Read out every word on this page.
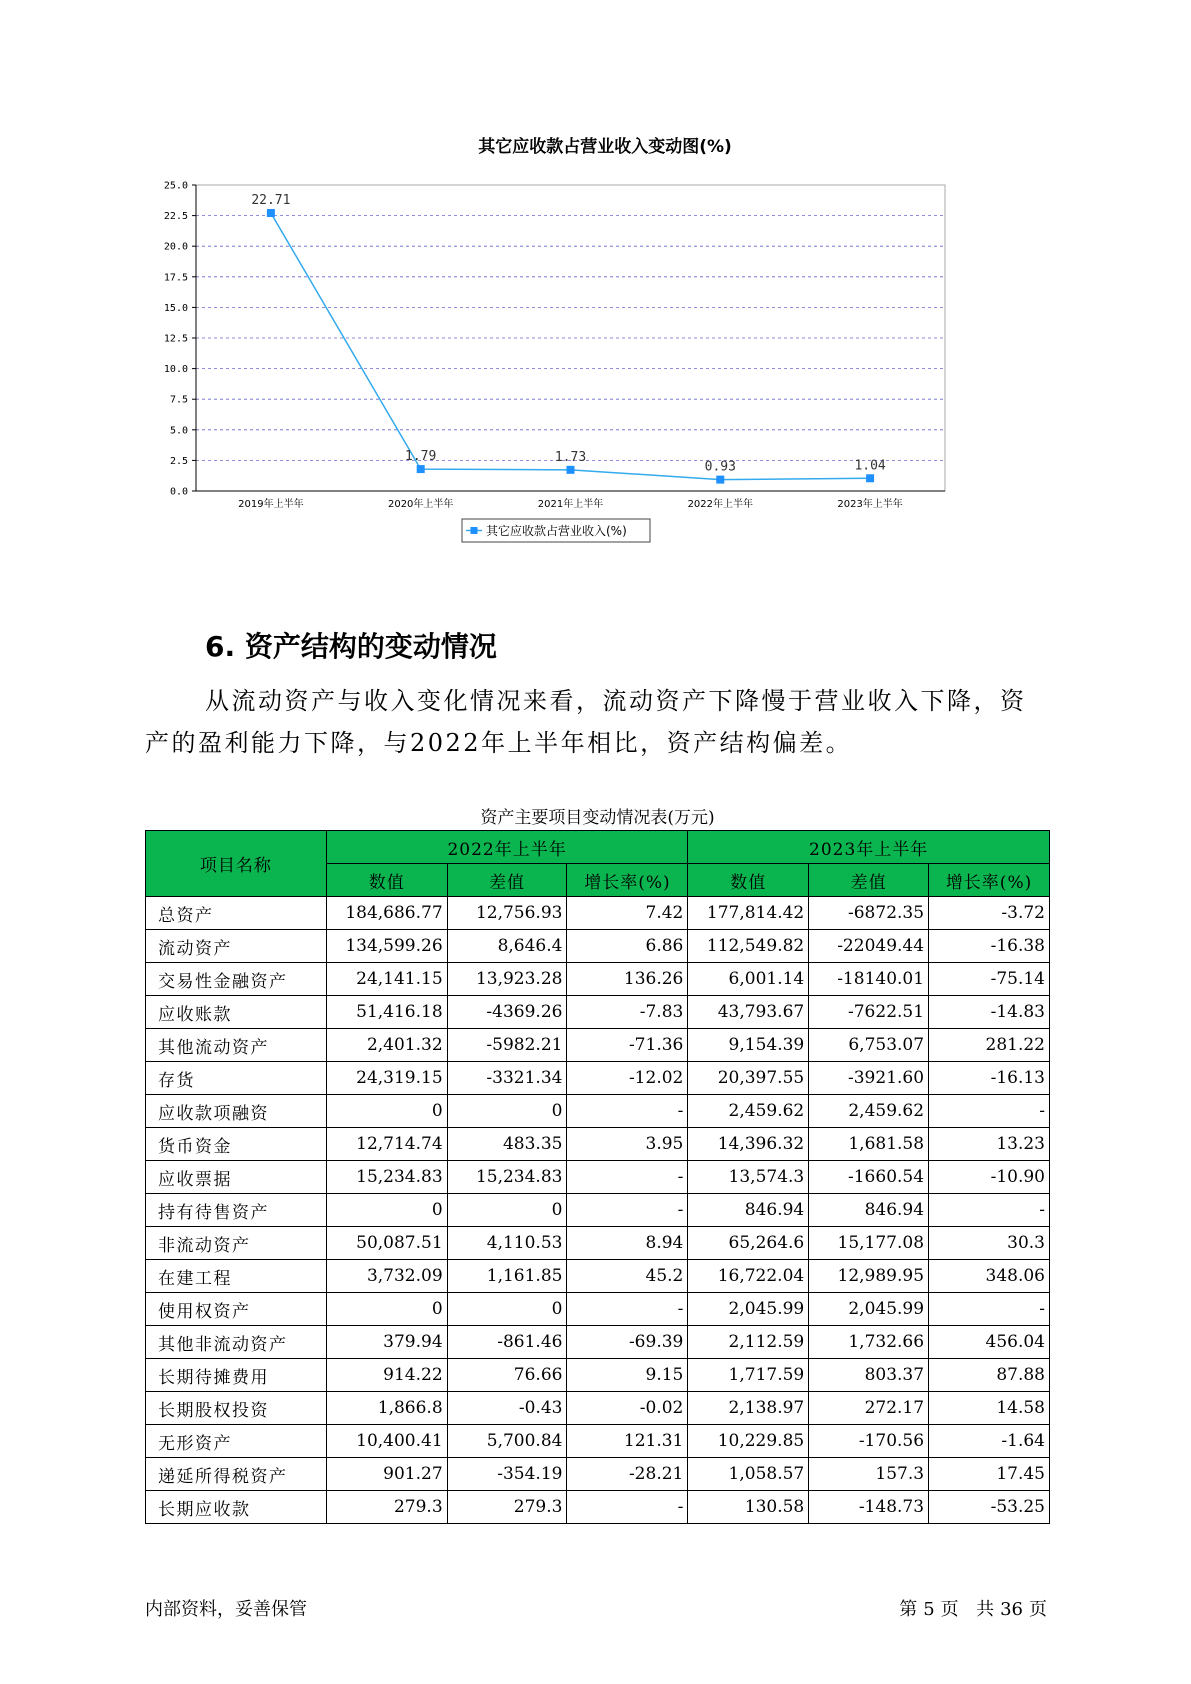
其它应收款占营业收入变动图(%)
0.0
2.5
5.0
7.5
10.0
12.5
15.0
17.5
20.0
22.5
25.0
2019年上半年	2020年上半年	2021年上半年	2022年上半年	2023年上半年
22.71
1.79	1.73
0.93	1.04
其它应收款占营业收入(%)
6. 资产结构的变动情况

从流动资产与收入变化情况来看，流动资产下降慢于营业收入下降，资产的盈利能力下降，与2022年上半年相比，资产结构偏差。

资产主要项目变动情况表(万元)
项目名称	2022年上半年			2023年上半年		
	数值	差值	增长率(%)	数值	差值	增长率(%)
总资产	184,686.77	12,756.93	7.42	177,814.42	-6872.35	-3.72
流动资产	134,599.26	8,646.4	6.86	112,549.82	-22049.44	-16.38
交易性金融资产	24,141.15	13,923.28	136.26	6,001.14	-18140.01	-75.14
应收账款	51,416.18	-4369.26	-7.83	43,793.67	-7622.51	-14.83
其他流动资产	2,401.32	-5982.21	-71.36	9,154.39	6,753.07	281.22
存货	24,319.15	-3321.34	-12.02	20,397.55	-3921.60	-16.13
应收款项融资	0	0	-	2,459.62	2,459.62	-
货币资金	12,714.74	483.35	3.95	14,396.32	1,681.58	13.23
应收票据	15,234.83	15,234.83	-	13,574.3	-1660.54	-10.90
持有待售资产	0	0	-	846.94	846.94	-
非流动资产	50,087.51	4,110.53	8.94	65,264.6	15,177.08	30.3
在建工程	3,732.09	1,161.85	45.2	16,722.04	12,989.95	348.06
使用权资产	0	0	-	2,045.99	2,045.99	-
其他非流动资产	379.94	-861.46	-69.39	2,112.59	1,732.66	456.04
长期待摊费用	914.22	76.66	9.15	1,717.59	803.37	87.88
长期股权投资	1,866.8	-0.43	-0.02	2,138.97	272.17	14.58
无形资产	10,400.41	5,700.84	121.31	10,229.85	-170.56	-1.64
递延所得税资产	901.27	-354.19	-28.21	1,058.57	157.3	17.45
长期应收款	279.3	279.3	-	130.58	-148.73	-53.25
内部资料，妥善保管	第 5 页 共 36 页
